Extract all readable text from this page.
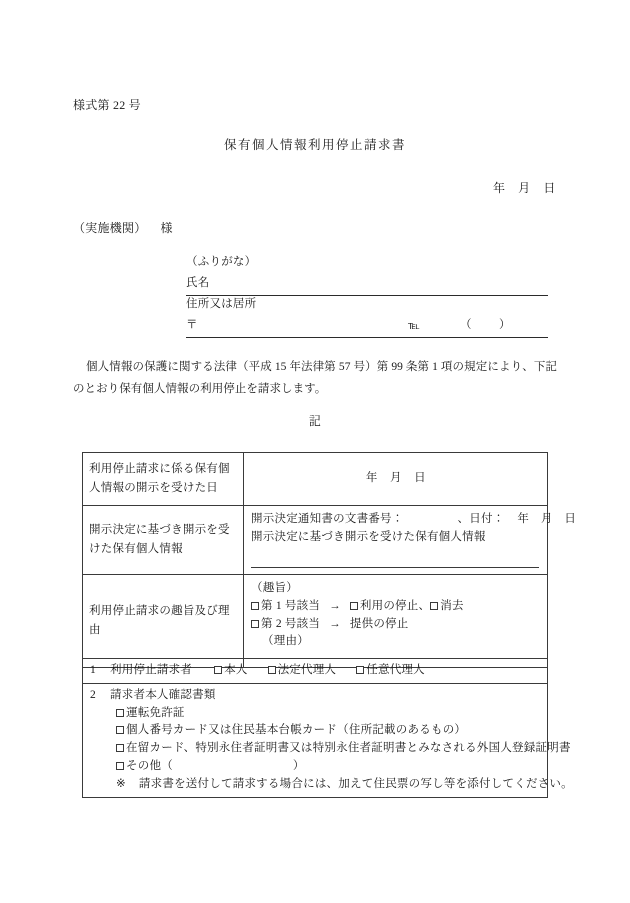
様式第 22 号
保有個人情報利用停止請求書
年　月　日
（実施機関） 様
（ふりがな）
氏名
住所又は居所
〒	℡	（ ）
個人情報の保護に関する法律（平成 15 年法律第 57 号）第 99 条第 1 項の規定により、下記のとおり保有個人情報の利用停止を請求します。
記
利用停止請求に係る保有個人情報の開示を受けた日	年　月　日

開示決定に基づき開示を受けた保有個人情報	開示決定通知書の文書番号： 、日付： 年　月　日
開示決定に基づき開示を受けた保有個人情報

利用停止請求の趣旨及び理由	（趣旨）
第 1 号該当 → 利用の停止、 消去
第 2 号該当 → 提供の停止
（理由）
1 利用停止請求者	本人	法定代理人	任意代理人

2 請求者本人確認書類
運転免許証
個人番号カード又は住民基本台帳カード（住所記載のあるもの）
在留カード、特別永住者証明書又は特別永住者証明書とみなされる外国人登録証明書
その他（	）
※ 請求書を送付して請求する場合には、加えて住民票の写し等を添付してください。
